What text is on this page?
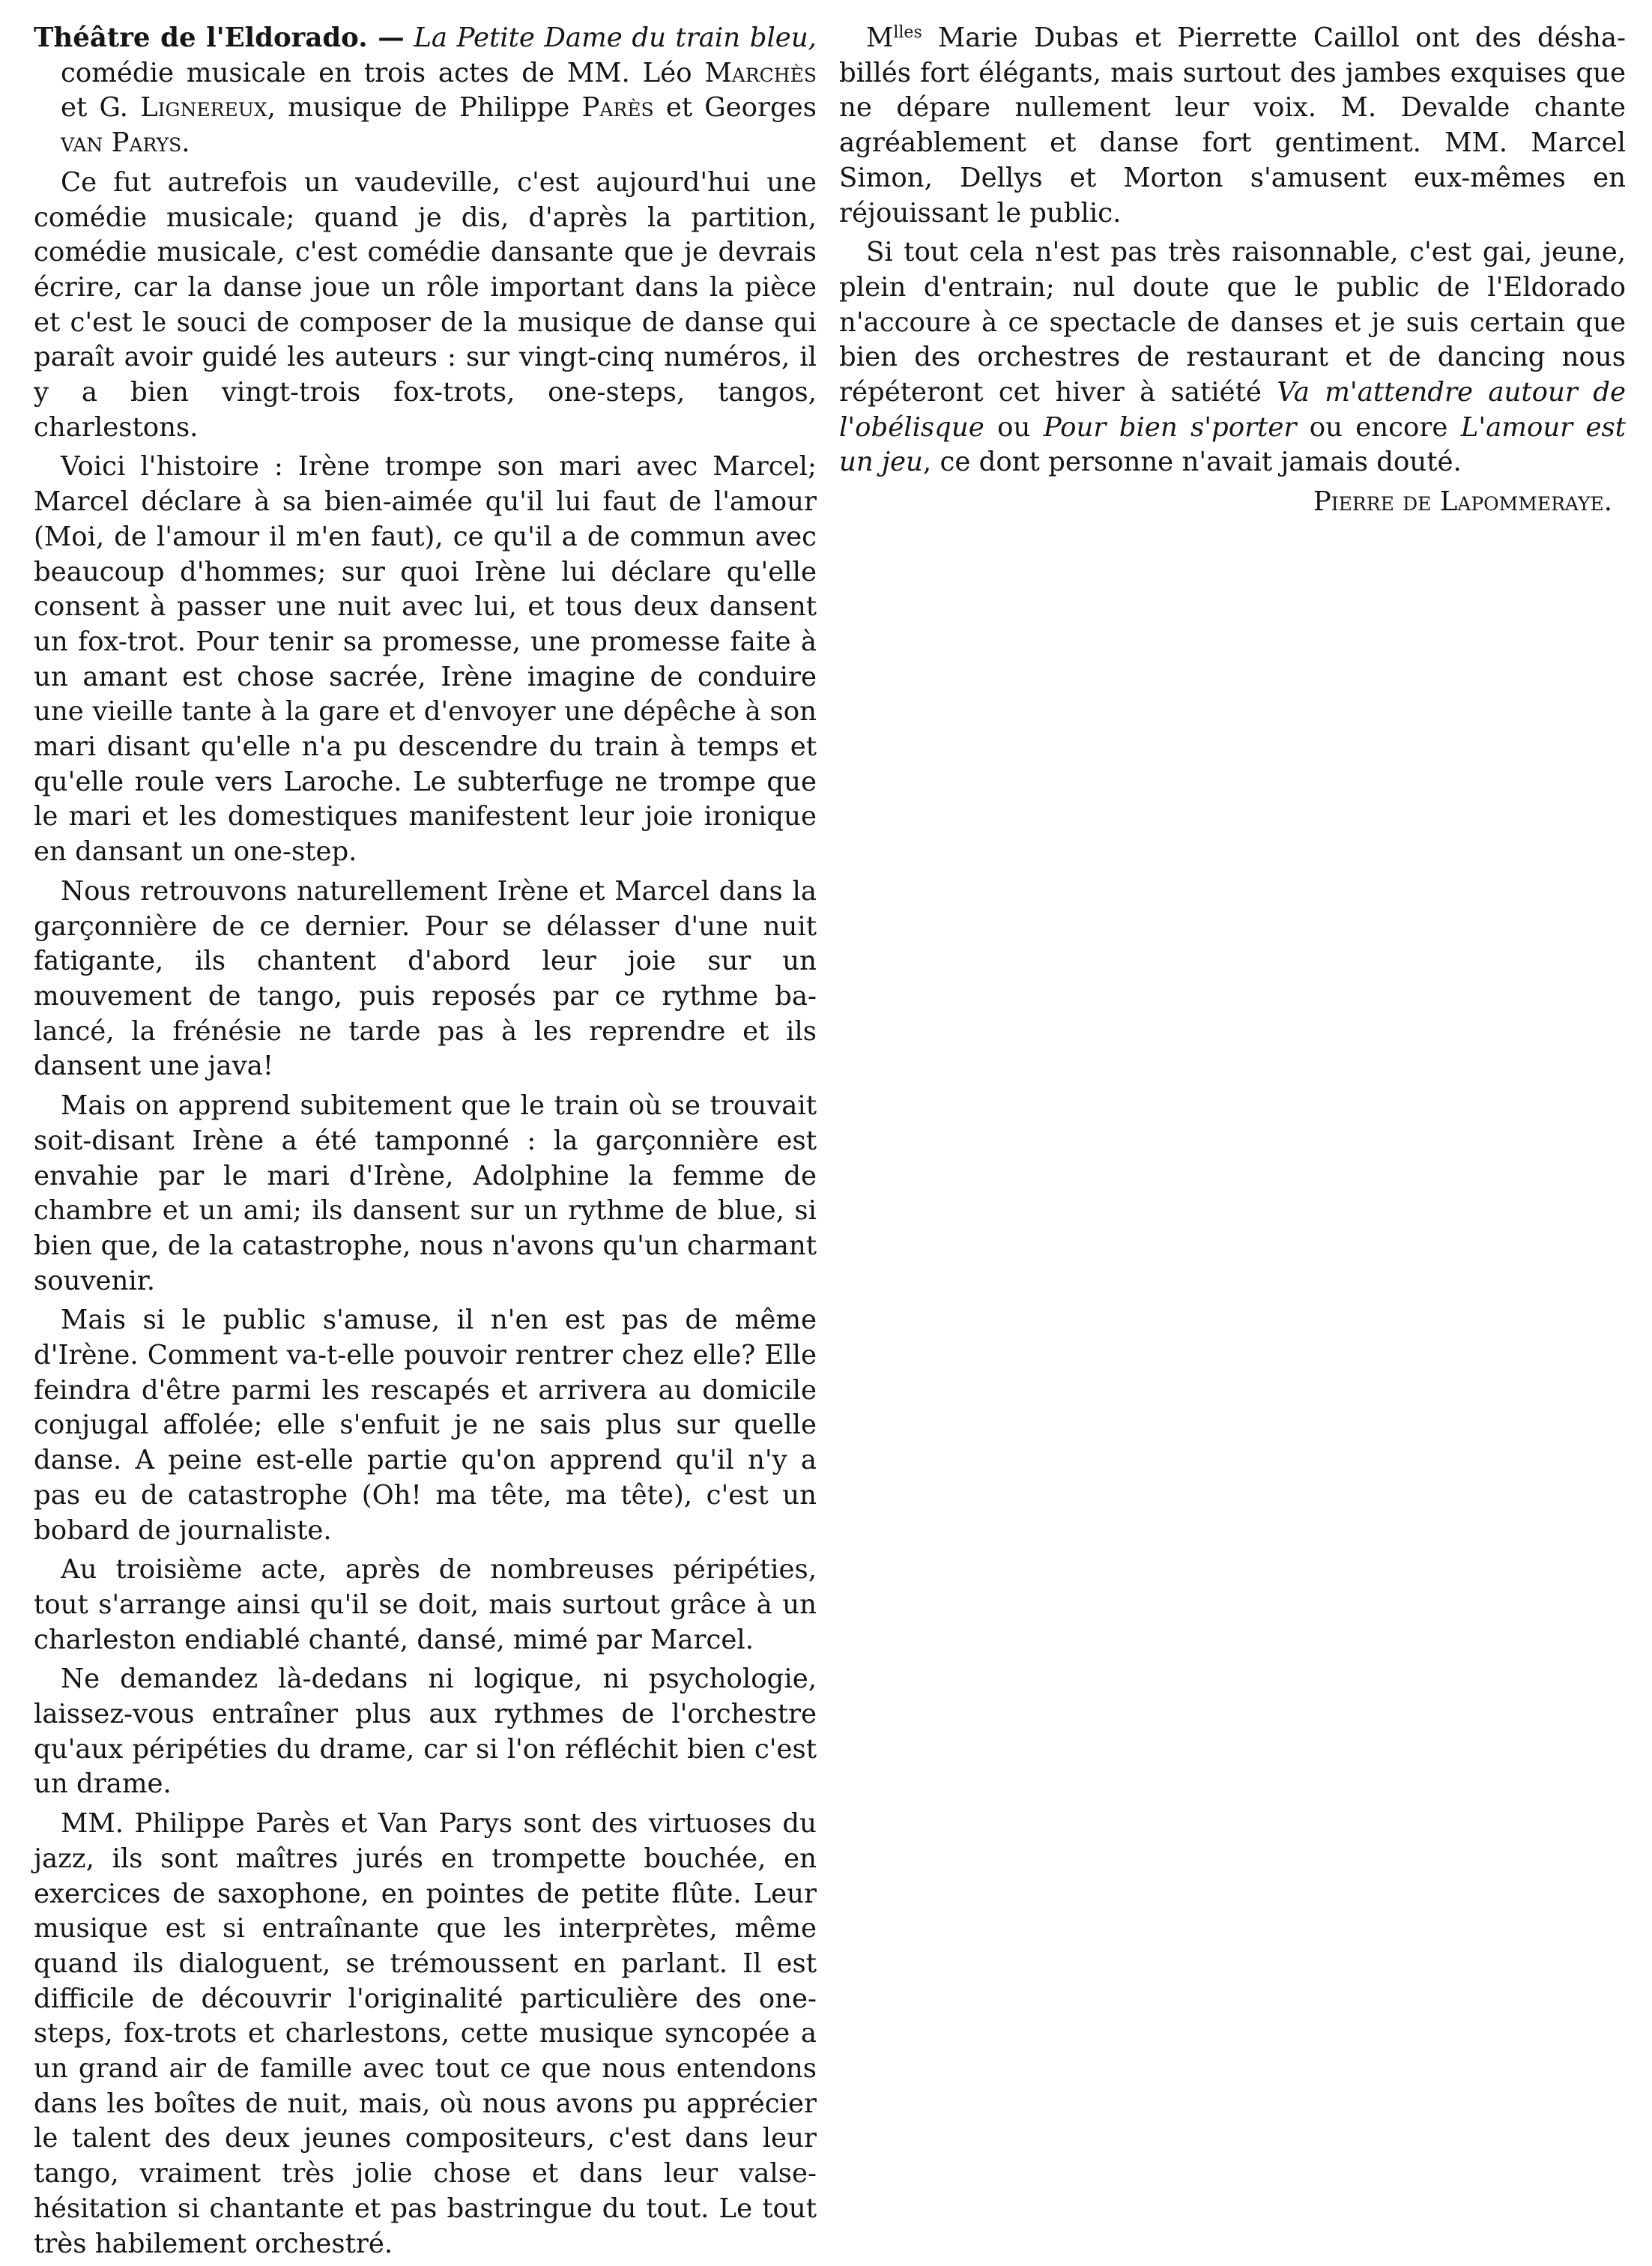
Théâtre de l'Eldorado. — La Petite Dame du train bleu, comédie musicale en trois actes de MM. Léo Marchès et G. Lignereux, musique de Philippe Parès et Georges van Parys.

Ce fut autrefois un vaudeville, c'est aujourd'hui une comédie musicale; quand je dis, d'après la partition, comédie musicale, c'est comédie dansante que je devrais écrire, car la danse joue un rôle important dans la pièce et c'est le souci de composer de la musique de danse qui paraît avoir guidé les auteurs : sur vingt-cinq numéros, il y a bien vingt-trois fox-trots, one-steps, tangos, charlestons.

Voici l'histoire : Irène trompe son mari avec Marcel; Marcel déclare à sa bien-aimée qu'il lui faut de l'amour (Moi, de l'amour il m'en faut), ce qu'il a de commun avec beaucoup d'hommes; sur quoi Irène lui déclare qu'elle consent à passer une nuit avec lui, et tous deux dansent un fox-trot. Pour tenir sa promesse, une promesse faite à un amant est chose sacrée, Irène imagine de conduire une vieille tante à la gare et d'envoyer une dépêche à son mari disant qu'elle n'a pu descendre du train à temps et qu'elle roule vers Laroche. Le subterfuge ne trompe que le mari et les domestiques manifestent leur joie ironique en dansant un one-step.

Nous retrouvons naturellement Irène et Marcel dans la garçonnière de ce dernier. Pour se délasser d'une nuit fatigante, ils chantent d'abord leur joie sur un mouvement de tango, puis reposés par ce rythme balancé, la frénésie ne tarde pas à les reprendre et ils dansent une java!

Mais on apprend subitement que le train où se trouvait soit-disant Irène a été tamponné : la garçonnière est envahie par le mari d'Irène, Adolphine la femme de chambre et un ami; ils dansent sur un rythme de blue, si bien que, de la catastrophe, nous n'avons qu'un charmant souvenir.

Mais si le public s'amuse, il n'en est pas de même d'Irène. Comment va-t-elle pouvoir rentrer chez elle? Elle feindra d'être parmi les rescapés et arrivera au domicile conjugal affolée; elle s'enfuit je ne sais plus sur quelle danse. A peine est-elle partie qu'on apprend qu'il n'y a pas eu de catastrophe (Oh! ma tête, ma tête), c'est un bobard de journaliste.

Au troisième acte, après de nombreuses péripéties, tout s'arrange ainsi qu'il se doit, mais surtout grâce à un charleston endiablé chanté, dansé, mimé par Marcel.

Ne demandez là-dedans ni logique, ni psychologie, laissez-vous entraîner plus aux rythmes de l'orchestre qu'aux péripéties du drame, car si l'on réfléchit bien c'est un drame.

MM. Philippe Parès et Van Parys sont des virtuoses du jazz, ils sont maîtres jurés en trompette bouchée, en exercices de saxophone, en pointes de petite flûte. Leur musique est si entraînante que les interprètes, même quand ils dialoguent, se trémoussent en parlant. Il est difficile de découvrir l'originalité particulière des one-steps, fox-trots et charlestons, cette musique syncopée a un grand air de famille avec tout ce que nous entendons dans les boîtes de nuit, mais, où nous avons pu apprécier le talent des deux jeunes compositeurs, c'est dans leur tango, vraiment très jolie chose et dans leur valse-hésitation si chantante et pas bastringue du tout. Le tout très habilement orchestré.

$M^{lles}$ Marie Dubas et Pierrette Caillol ont des déshabillés fort élégants, mais surtout des jambes exquises que ne dépare nullement leur voix. M. Devalde chante agréablement et danse fort gentiment. MM. Marcel Simon, Dellys et Morton s'amusent eux-mêmes en réjouissant le public.

Si tout cela n'est pas très raisonnable, c'est gai, jeune, plein d'entrain; nul doute que le public de l'Eldorado n'accoure à ce spectacle de danses et je suis certain que bien des orchestres de restaurant et de dancing nous répéteront cet hiver à satiété Va m'attendre autour de l'obélisque ou Pour bien s'porter ou encore L'amour est un jeu, ce dont personne n'avait jamais douté.

Pierre de Lapommeraye.
